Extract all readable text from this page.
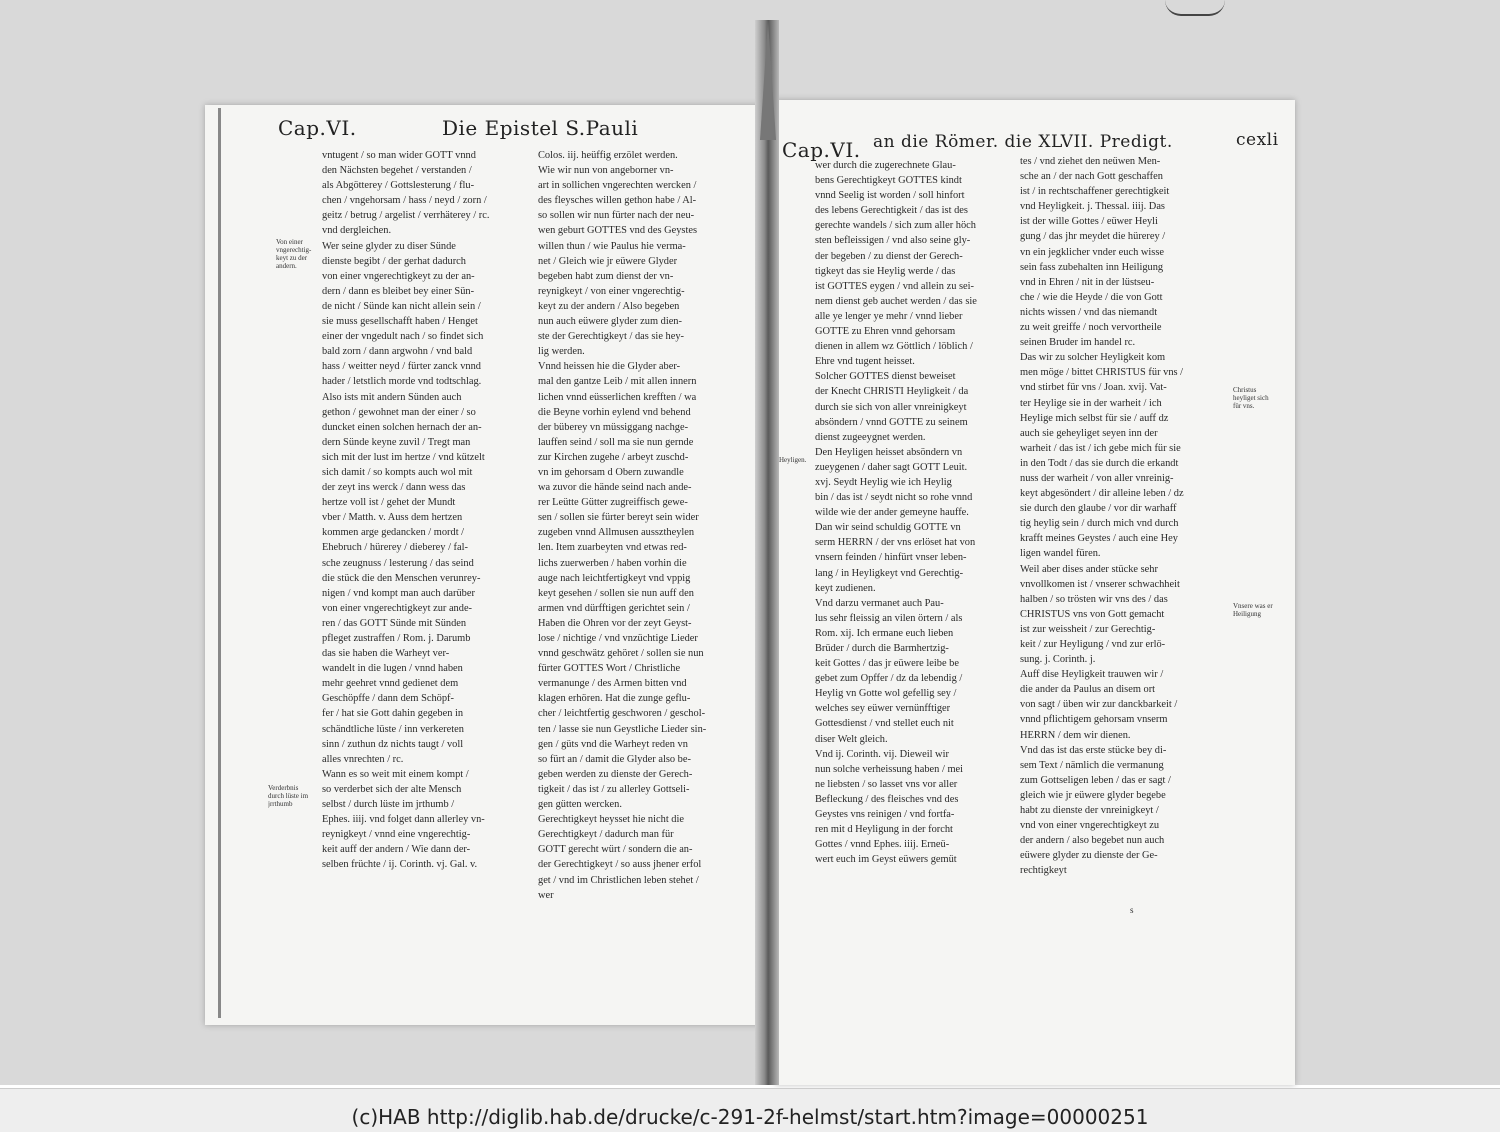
Cap.VI.	Die Epistel S.Pauli
Cap.VI. an die Römer. die XLVII. Predigt.	cexli
vntugent / so man wider GOTT vnnd
den Nächsten begehet / verstanden /
als Abgötterey / Gottslesterung / flu-
chen / vngehorsam / hass / neyd / zorn /
geitz / betrug / argelist / verrhäterey / rc.
vnd dergleichen.
Wer seine glyder zu diser Sünde
dienste begibt / der gerhat dadurch
von einer vngerechtigkeyt zu der an-
dern / dann es bleibet bey einer Sün-
de nicht / Sünde kan nicht allein sein /
sie muss gesellschafft haben / Henget
einer der vngedult nach / so findet sich
bald zorn / dann argwohn / vnd bald
hass / weitter neyd / fürter zanck vnnd
hader / letstlich morde vnd todtschlag.
Also ists mit andern Sünden auch
gethon / gewohnet man der einer / so
duncket einen solchen hernach der an-
dern Sünde keyne zuvil / Tregt man
sich mit der lust im hertze / vnd kützelt
sich damit / so kompts auch wol mit
der zeyt ins werck / dann wess das
hertze voll ist / gehet der Mundt
vber / Matth. v. Auss dem hertzen
kommen arge gedancken / mordt /
Ehebruch / hürerey / dieberey / fal-
sche zeugnuss / lesterung / das seind
die stück die den Menschen verunrey-
nigen / vnd kompt man auch darüber
von einer vngerechtigkeyt zur ande-
ren / das GOTT Sünde mit Sünden
pfleget zustraffen / Rom. j. Darumb
das sie haben die Warheyt ver-
wandelt in die lugen / vnnd haben
mehr geehret vnnd gedienet dem
Geschöpffe / dann dem Schöpf-
fer / hat sie Gott dahin gegeben in
schändtliche lüste / inn verkereten
sinn / zuthun dz nichts taugt / voll
alles vnrechten / rc.
Wann es so weit mit einem kompt /
so verderbet sich der alte Mensch
selbst / durch lüste im jrthumb /
Ephes. iiij. vnd folget dann allerley vn-
reynigkeyt / vnnd eine vngerechtig-
keit auff der andern / Wie dann der-
selben früchte / ij. Corinth. vj. Gal. v.
Colos. iij. heüffig erzölet werden.
Wie wir nun von angeborner vn-
art in sollichen vngerechten wercken /
des fleysches willen gethon habe / Al-
so sollen wir nun fürter nach der neu-
wen geburt GOTTES vnd des Geystes
willen thun / wie Paulus hie verma-
net / Gleich wie jr eüwere Glyder
begeben habt zum dienst der vn-
reynigkeyt / von einer vngerechtig-
keyt zu der andern / Also begeben
nun auch eüwere glyder zum dien-
ste der Gerechtigkeyt / das sie hey-
lig werden.
Vnnd heissen hie die Glyder aber-
mal den gantze Leib / mit allen innern
lichen vnnd eüsserlichen krefften / wa
die Beyne vorhin eylend vnd behend
der büberey vn müssiggang nachge-
lauffen seind / soll ma sie nun gernde
zur Kirchen zugehe / arbeyt zuschd-
vn im gehorsam d Obern zuwandle
wa zuvor die hände seind nach ande-
rer Leütte Gütter zugreiffisch gewe-
sen / sollen sie fürter bereyt sein wider
zugeben vnnd Allmusen aussztheylen
len. Item zuarbeyten vnd etwas red-
lichs zuerwerben / haben vorhin die
auge nach leichtfertigkeyt vnd vppig
keyt gesehen / sollen sie nun auff den
armen vnd dürfftigen gerichtet sein /
Haben die Ohren vor der zeyt Geyst-
lose / nichtige / vnd vnzüchtige Lieder
vnnd geschwätz gehöret / sollen sie nun
fürter GOTTES Wort / Christliche
vermanunge / des Armen bitten vnd
klagen erhören. Hat die zunge geflu-
cher / leichtfertig geschworen / geschol-
ten / lasse sie nun Geystliche Lieder sin-
gen / güts vnd die Warheyt reden vn
so fürt an / damit die Glyder also be-
geben werden zu dienste der Gerech-
tigkeit / das ist / zu allerley Gottseli-
gen gütten wercken.
Gerechtigkeyt heysset hie nicht die
Gerechtigkeyt / dadurch man für
GOTT gerecht würt / sondern die an-
der Gerechtigkeyt / so auss jhener erfol
get / vnd im Christlichen leben stehet /
wer
wer durch die zugerechnete Glau-
bens Gerechtigkeyt GOTTES kindt
vnnd Seelig ist worden / soll hinfort
des lebens Gerechtigkeit / das ist des
gerechte wandels / sich zum aller höch
sten befleissigen / vnd also seine gly-
der begeben / zu dienst der Gerech-
tigkeyt das sie Heylig werde / das
ist GOTTES eygen / vnd allein zu sei-
nem dienst geb auchet werden / das sie
alle ye lenger ye mehr / vnnd lieber
GOTTE zu Ehren vnnd gehorsam
dienen in allem wz Göttlich / löblich /
Ehre vnd tugent heisset.
Solcher GOTTES dienst beweiset
der Knecht CHRISTI Heyligkeit / da
durch sie sich von aller vnreinigkeyt
absöndern / vnnd GOTTE zu seinem
dienst zugeeygnet werden.
Den Heyligen heisset absöndern vn
zueygenen / daher sagt GOTT Leuit.
xvj. Seydt Heylig wie ich Heylig
bin / das ist / seydt nicht so rohe vnnd
wilde wie der ander gemeyne hauffe.
Dan wir seind schuldig GOTTE vn
serm HERRN / der vns erlöset hat von
vnsern feinden / hinfürt vnser leben-
lang / in Heyligkeyt vnd Gerechtig-
keyt zudienen.
Vnd darzu vermanet auch Pau-
lus sehr fleissig an vilen örtern / als
Rom. xij. Ich ermane euch lieben
Brüder / durch die Barmhertzig-
keit Gottes / das jr eüwere leibe be
gebet zum Opffer / dz da lebendig /
Heylig vn Gotte wol gefellig sey /
welches sey eüwer vernünfftiger
Gottesdienst / vnd stellet euch nit
diser Welt gleich.
Vnd ij. Corinth. vij. Dieweil wir
nun solche verheissung haben / mei
ne liebsten / so lasset vns vor aller
Befleckung / des fleisches vnd des
Geystes vns reinigen / vnd fortfa-
ren mit d Heyligung in der forcht
Gottes / vnnd Ephes. iiij. Erneü-
wert euch im Geyst eüwers gemüt
tes / vnd ziehet den neüwen Men-
sche an / der nach Gott geschaffen
ist / in rechtschaffener gerechtigkeit
vnd Heyligkeit. j. Thessal. iiij. Das
ist der wille Gottes / eüwer Heyli
gung / das jhr meydet die hürerey /
vn ein jegklicher vnder euch wisse
sein fass zubehalten inn Heiligung
vnd in Ehren / nit in der lüstseu-
che / wie die Heyde / die von Gott
nichts wissen / vnd das niemandt
zu weit greiffe / noch vervortheile
seinen Bruder im handel rc.
Das wir zu solcher Heyligkeit kom
men möge / bittet CHRISTUS für vns /
vnd stirbet für vns / Joan. xvij. Vat-
ter Heylige sie in der warheit / ich
Heylige mich selbst für sie / auff dz
auch sie geheyliget seyen inn der
warheit / das ist / ich gebe mich für sie
in den Todt / das sie durch die erkandt
nuss der warheit / von aller vnreinig-
keyt abgesöndert / dir alleine leben / dz
sie durch den glaube / vor dir warhaff
tig heylig sein / durch mich vnd durch
krafft meines Geystes / auch eine Hey
ligen wandel füren.
Weil aber dises ander stücke sehr
vnvollkomen ist / vnserer schwachheit
halben / so trösten wir vns des / das
CHRISTUS vns von Gott gemacht
ist zur weissheit / zur Gerechtig-
keit / zur Heyligung / vnd zur erlö-
sung. j. Corinth. j.
Auff dise Heyligkeit trauwen wir /
die ander da Paulus an disem ort
von sagt / üben wir zur danckbarkeit /
vnnd pflichtigem gehorsam vnserm
HERRN / dem wir dienen.
Vnd das ist das erste stücke bey di-
sem Text / nämlich die vermanung
zum Gottseligen leben / das er sagt /
gleich wie jr eüwere glyder begebe
habt zu dienste der vnreinigkeyt /
vnd von einer vngerechtigkeyt zu
der andern / also begebet nun auch
eüwere glyder zu dienste der Ge-
rechtigkeyt
Von einer vngerechtig-keyt zu der andern.
Verderbnis durch lüste im jrrthumb
Christus heyliget sich für vns.
Heyligen.
Vnsere was er Heiligung
s
(c)HAB http://diglib.hab.de/drucke/c-291-2f-helmst/start.htm?image=00000251
